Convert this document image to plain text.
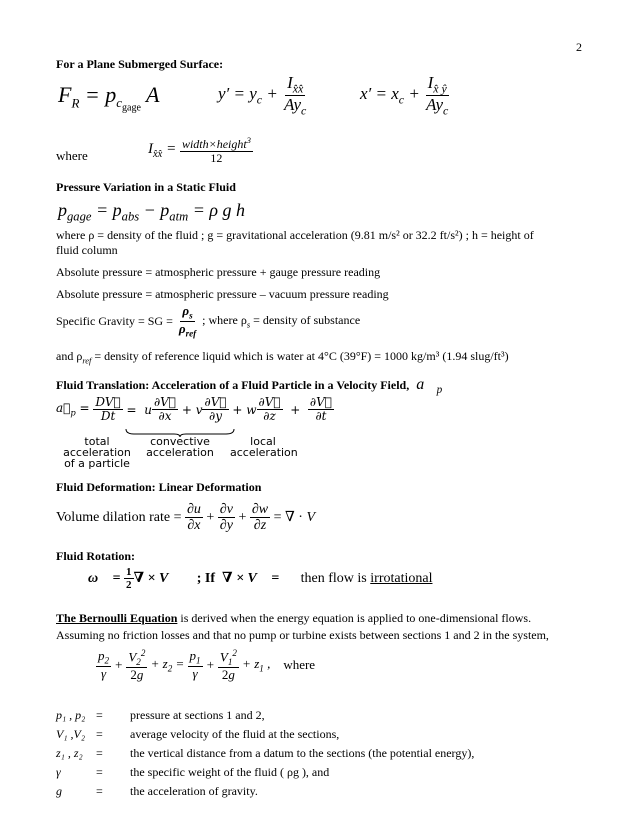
2
For a Plane Submerged Surface:
$F_R = p_{c_{gage}}$ A	$y' = y_c + \frac{I_{x̂x̂}}{Ay_c}$	$x' = x_c + \frac{I_{x̂ ŷ}}{Ay_c}$
where	$I_{x̂x̂} = \frac{width\times height^3}{12}$
Pressure Variation in a Static Fluid
$p_{gage} = p_{abs} - p_{atm} = \rho$ g h
where ρ = density of the fluid ; g = gravitational acceleration (9.81 m/s² or 32.2 ft/s²) ; h = height of
fluid column
Absolute pressure = atmospheric pressure + gauge pressure reading
Absolute pressure = atmospheric pressure – vacuum pressure reading
Specific Gravity = SG = $\frac{\rho_s}{\rho_{ref}}$ ; where $\rho_s$ = density of substance
and $\rho_{ref}$ = density of reference liquid which is water at 4°C (39°F) = 1000 kg/m³ (1.94 slug/ft³)
Fluid Translation: Acceleration of a Fluid Particle in a Velocity Field,  $a⃗_p$
$a⃗_p = \frac{DV⃗}{Dt} = u \frac{\partial V⃗}{\partial x} + v \frac{\partial V⃗}{\partial y} + w \frac{\partial V⃗}{\partial z} + \frac{\partial V⃗}{\partial t}$
total
acceleration
of a particle
convective
acceleration
local
acceleration
Fluid Deformation: Linear Deformation
Volume dilation rate = $\frac{\partial u}{\partial x} + \frac{\partial v}{\partial y} + \frac{\partial w}{\partial z}$ = ∇ · V⃗
Fluid Rotation:
ω⃗ = $\frac{1}{2}$ ∇ × V⃗
; If ∇ × V⃗ = 𝟎 then flow is
irrotational
The Bernoulli Equation is derived when the energy equation is applied to one-dimensional flows.
Assuming no friction losses and that no pump or turbine exists between sections 1 and 2 in the system,
$\frac{p_2}{\gamma} + \frac{V_2^2}{2g} + z_2 = \frac{p_1}{\gamma} + \frac{V_1^2}{2g} + z_1$ ,
where
p₁ , p₂ = pressure at sections 1 and 2,
V₁ ,V₂ = average velocity of the fluid at the sections,
z₁ , z₂ = the vertical distance from a datum to the sections (the potential energy),
γ	= the specific weight of the fluid ( ρg ), and
g	= the acceleration of gravity.
